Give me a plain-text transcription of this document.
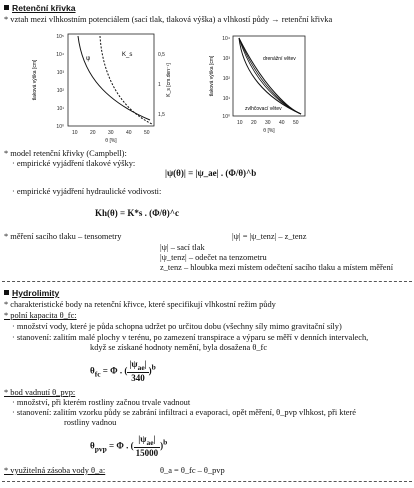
Retenční křivka
* vztah mezi vlhkostním potenciálem (sací tlak, tlaková výška) a vlhkostí půdy → retenční křivka
10⁵
10⁴
10³
10²
10¹
10⁰
0,5
1
1,5
10 20 30 40 50
θ [%]
tlaková výška [cm]	K_s [cm.den⁻¹]
ψ
K_s
10⁴
10³
10²
10¹
10⁰
10 20 30 40 50
θ [%]
tlaková výška [cm]	drenážní větev
zvlhčovací větev
* model retenční křivky (Campbell):
· empirické vyjádření tlakové výšky:
|ψ(θ)| = |ψ_ae| . (Φ/θ)^b
· empirické vyjádření hydraulické vodivosti:
Kh(θ) = K*s . (Φ/θ)^c
* měření sacího tlaku – tensometry	|ψ| = |ψ_tenz| – z_tenz
|ψ| – sací tlak
|ψ_tenz| – odečet na tenzometru
z_tenz – hloubka mezi místem odečtení sacího tlaku a místem měření
Hydrolimity
* charakteristické body na retenční křivce, které specifikují vlhkostní režim půdy
* polní kapacita θ_fc:
· množství vody, které je půda schopna udržet po určitou dobu (všechny síly mimo gravitační síly)
· stanovení: zalitím malé plochy v terénu, po zamezení transpirace a výparu se měří v denních intervalech,
když se získané hodnoty nemění, byla dosažena θ_fc
$\theta_{fc} = \Phi$ . ( $\frac{|\psi_{ae}|}{340} )^b$
* bod vadnutí θ_pvp:
· množství, při kterém rostliny začnou trvale vadnout
· stanovení: zalitím vzorku půdy se zabrání infiltraci a evaporaci, opět měření, θ_pvp vlhkost, při které
rostliny vadnou
$\theta_{pvp} = \Phi$ . ( $\frac{|\psi_{ae}|}{15000} )^b$
* využitelná zásoba vody θ_a:	θ_a = θ_fc – θ_pvp
